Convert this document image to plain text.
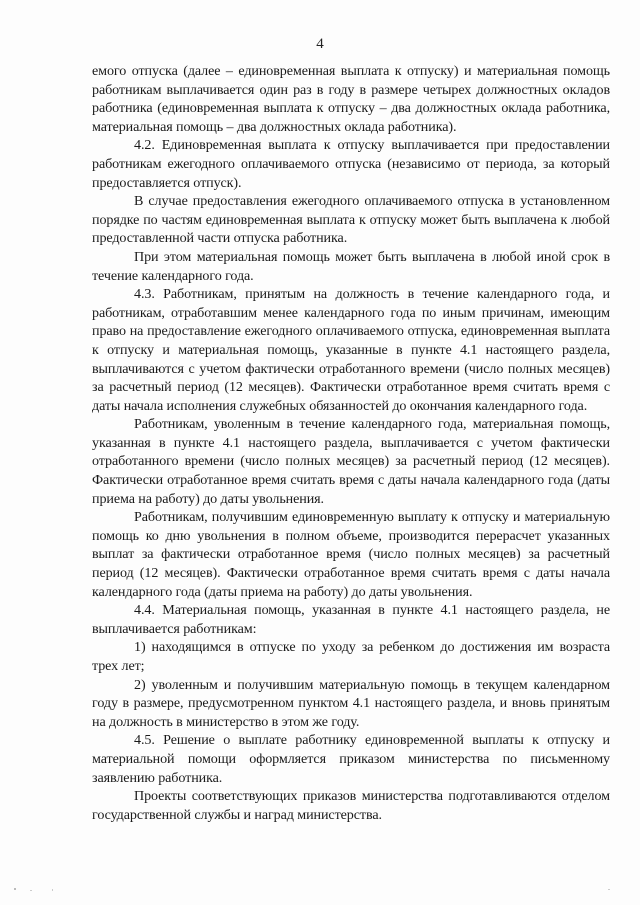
4

емого отпуска (далее – единовременная выплата к отпуску) и материальная помощь работникам выплачивается один раз в году в размере четырех должностных окладов работника (единовременная выплата к отпуску – два должностных оклада работника, материальная помощь – два должностных оклада работника).

4.2. Единовременная выплата к отпуску выплачивается при предоставлении работникам ежегодного оплачиваемого отпуска (независимо от периода, за который предоставляется отпуск).

В случае предоставления ежегодного оплачиваемого отпуска в установленном порядке по частям единовременная выплата к отпуску может быть выплачена к любой предоставленной части отпуска работника.

При этом материальная помощь может быть выплачена в любой иной срок в течение календарного года.

4.3. Работникам, принятым на должность в течение календарного года, и работникам, отработавшим менее календарного года по иным причинам, имеющим право на предоставление ежегодного оплачиваемого отпуска, единовременная выплата к отпуску и материальная помощь, указанные в пункте 4.1 настоящего раздела, выплачиваются с учетом фактически отработанного времени (число полных месяцев) за расчетный период (12 месяцев). Фактически отработанное время считать время с даты начала исполнения служебных обязанностей до окончания календарного года.

Работникам, уволенным в течение календарного года, материальная помощь, указанная в пункте 4.1 настоящего раздела, выплачивается с учетом фактически отработанного времени (число полных месяцев) за расчетный период (12 месяцев). Фактически отработанное время считать время с даты начала календарного года (даты приема на работу) до даты увольнения.

Работникам, получившим единовременную выплату к отпуску и материальную помощь ко дню увольнения в полном объеме, производится перерасчет указанных выплат за фактически отработанное время (число полных месяцев) за расчетный период (12 месяцев). Фактически отработанное время считать время с даты начала календарного года (даты приема на работу) до даты увольнения.

4.4. Материальная помощь, указанная в пункте 4.1 настоящего раздела, не выплачивается работникам:

1) находящимся в отпуске по уходу за ребенком до достижения им возраста трех лет;

2) уволенным и получившим материальную помощь в текущем календарном году в размере, предусмотренном пунктом 4.1 настоящего раздела, и вновь принятым на должность в министерство в этом же году.

4.5. Решение о выплате работнику единовременной выплаты к отпуску и материальной помощи оформляется приказом министерства по письменному заявлению работника.

Проекты соответствующих приказов министерства подготавливаются отделом государственной службы и наград министерства.
